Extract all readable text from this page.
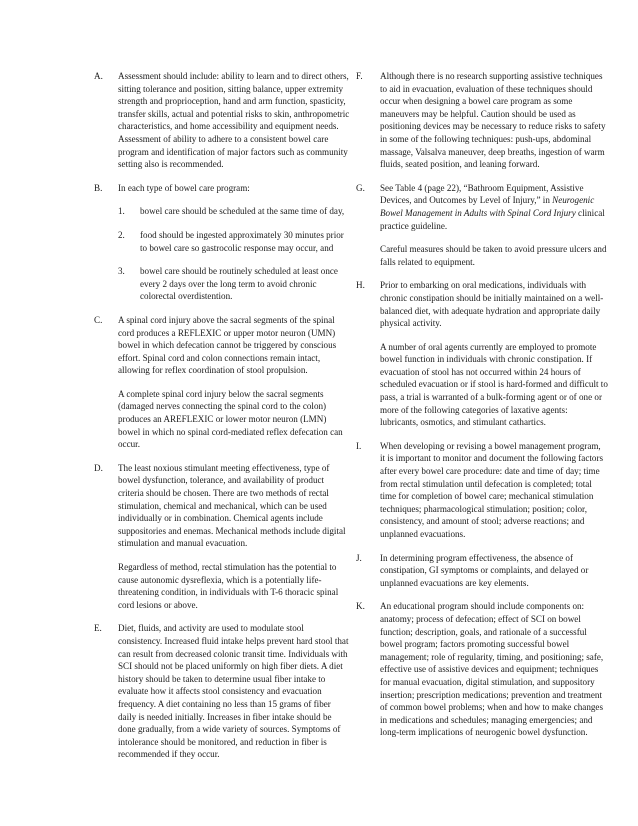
A.	Assessment should include: ability to learn and to direct others, sitting tolerance and position, sitting balance, upper extremity strength and proprioception, hand and arm function, spasticity, transfer skills, actual and potential risks to skin, anthropometric characteristics, and home accessibility and equipment needs. Assessment of ability to adhere to a consistent bowel care program and identification of major factors such as community setting also is recommended.

B.	In each type of bowel care program:

1.	bowel care should be scheduled at the same time of day,
2.	food should be ingested approximately 30 minutes prior to bowel care so gastrocolic response may occur, and
3.	bowel care should be routinely scheduled at least once every 2 days over the long term to avoid chronic colorectal overdistention.
C.	A spinal cord injury above the sacral segments of the spinal cord produces a REFLEXIC or upper motor neuron (UMN) bowel in which defecation cannot be triggered by conscious effort. Spinal cord and colon connections remain intact, allowing for reflex coordination of stool propulsion.

A complete spinal cord injury below the sacral segments (damaged nerves connecting the spinal cord to the colon) produces an AREFLEXIC or lower motor neuron (LMN) bowel in which no spinal cord-mediated reflex defecation can occur.

D.	The least noxious stimulant meeting effectiveness, type of bowel dysfunction, tolerance, and availability of product criteria should be chosen. There are two methods of rectal stimulation, chemical and mechanical, which can be used individually or in combination. Chemical agents include suppositories and enemas. Mechanical methods include digital stimulation and manual evacuation.

Regardless of method, rectal stimulation has the potential to cause autonomic dysreflexia, which is a potentially life-threatening condition, in individuals with T-6 thoracic spinal cord lesions or above.

E.	Diet, fluids, and activity are used to modulate stool consistency. Increased fluid intake helps prevent hard stool that can result from decreased colonic transit time. Individuals with SCI should not be placed uniformly on high fiber diets. A diet history should be taken to determine usual fiber intake to evaluate how it affects stool consistency and evacuation frequency. A diet containing no less than 15 grams of fiber daily is needed initially. Increases in fiber intake should be done gradually, from a wide variety of sources. Symptoms of intolerance should be monitored, and reduction in fiber is recommended if they occur.

F.	Although there is no research supporting assistive techniques to aid in evacuation, evaluation of these techniques should occur when designing a bowel care program as some maneuvers may be helpful. Caution should be used as positioning devices may be necessary to reduce risks to safety in some of the following techniques: push-ups, abdominal massage, Valsalva maneuver, deep breaths, ingestion of warm fluids, seated position, and leaning forward.

G.	See Table 4 (page 22), “Bathroom Equipment, Assistive Devices, and Outcomes by Level of Injury,” in Neurogenic Bowel Management in Adults with Spinal Cord Injury clinical practice guideline.

Careful measures should be taken to avoid pressure ulcers and falls related to equipment.

H.	Prior to embarking on oral medications, individuals with chronic constipation should be initially maintained on a well-balanced diet, with adequate hydration and appropriate daily physical activity.

A number of oral agents currently are employed to promote bowel function in individuals with chronic constipation. If evacuation of stool has not occurred within 24 hours of scheduled evacuation or if stool is hard-formed and difficult to pass, a trial is warranted of a bulk-forming agent or of one or more of the following categories of laxative agents: lubricants, osmotics, and stimulant cathartics.

I.	When developing or revising a bowel management program, it is important to monitor and document the following factors after every bowel care procedure: date and time of day; time from rectal stimulation until defecation is completed; total time for completion of bowel care; mechanical stimulation techniques; pharmacological stimulation; position; color, consistency, and amount of stool; adverse reactions; and unplanned evacuations.

J.	In determining program effectiveness, the absence of constipation, GI symptoms or complaints, and delayed or unplanned evacuations are key elements.

K.	An educational program should include components on: anatomy; process of defecation; effect of SCI on bowel function; description, goals, and rationale of a successful bowel program; factors promoting successful bowel management; role of regularity, timing, and positioning; safe, effective use of assistive devices and equipment; techniques for manual evacuation, digital stimulation, and suppository insertion; prescription medications; prevention and treatment of common bowel problems; when and how to make changes in medications and schedules; managing emergencies; and long-term implications of neurogenic bowel dysfunction.
